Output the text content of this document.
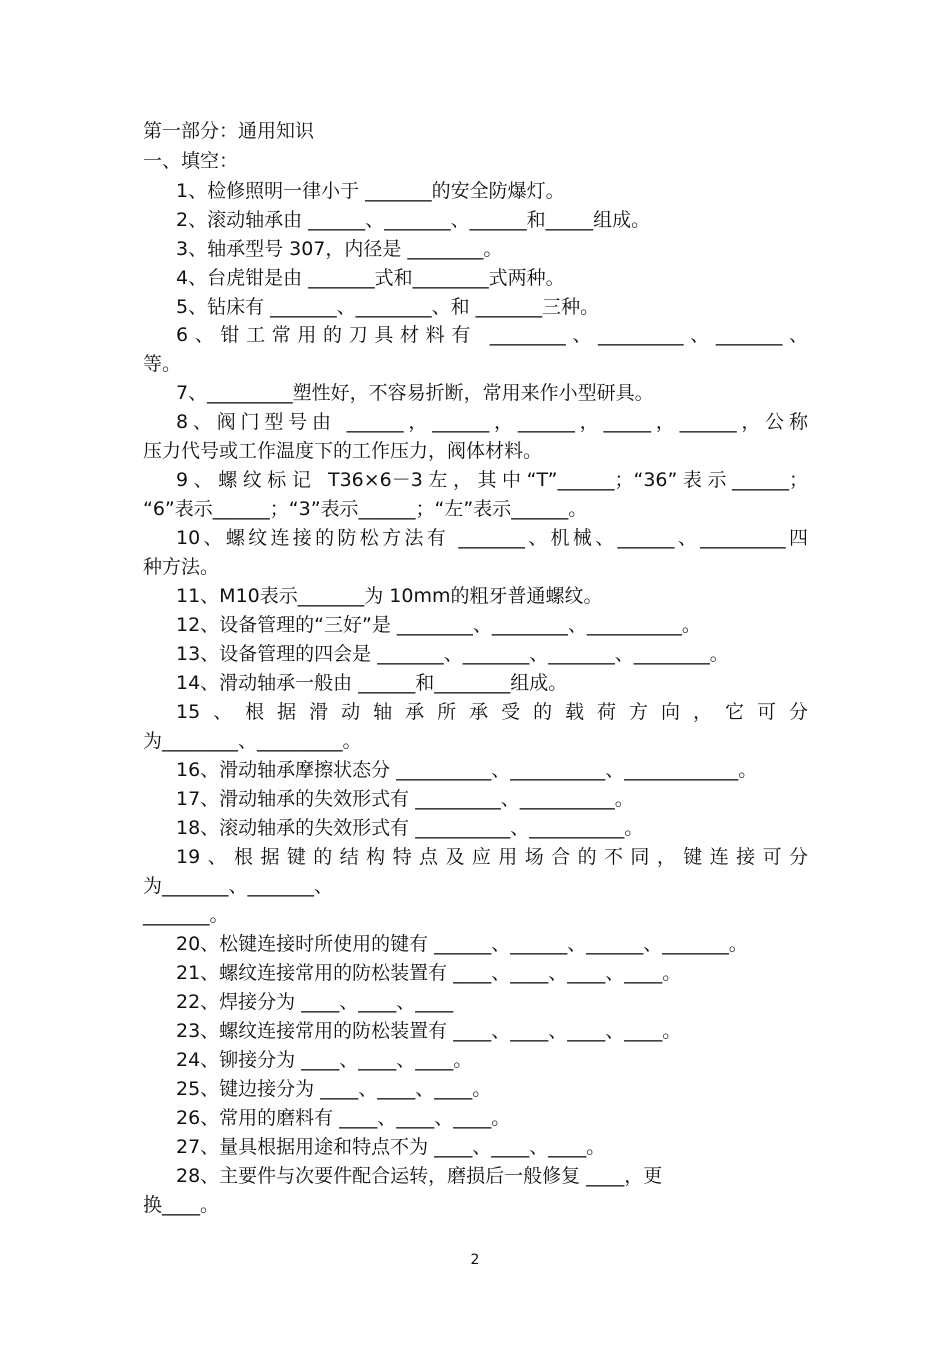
第一部分：通用知识
一、填空：
1、检修照明一律小于 _______的安全防爆灯。
2、滚动轴承由 ______、_______、______和_____组成。
3、轴承型号 307，内径是 ________。
4、台虎钳是由 _______式和________式两种。
5、钻床有 _______、________、和 _______三种。
6、钳工常用的刀具材料有 ________、_________、_______、
等。
7、_________塑性好，不容易折断，常用来作小型研具。
8、阀门型号由 ______，______，______，_____，______，公称
压力代号或工作温度下的工作压力，阀体材料。
9、螺纹标记 T36×6－3左，其中“T”______；“36”表示______；
“6”表示______；“3”表示______；“左”表示______。
10、螺纹连接的防松方法有 _______、机械、______、_________四
种方法。
11、M10表示_______为 10mm的粗牙普通螺纹。
12、设备管理的“三好”是 ________、________、__________。
13、设备管理的四会是 _______、_______、_______、________。
14、滑动轴承一般由 ______和________组成。
15、根据滑动轴承所承受的载荷方向，它可分
为________、_________。
16、滑动轴承摩擦状态分 __________、__________、____________。
17、滑动轴承的失效形式有 _________、__________。
18、滚动轴承的失效形式有 __________、__________。
19、根据键的结构特点及应用场合的不同，键连接可分
为_______、_______、
_______。
20、松键连接时所使用的键有 ______、______、______、_______。
21、螺纹连接常用的防松装置有 ____、____、____、____。
22、焊接分为 ____、____、____
23、螺纹连接常用的防松装置有 ____、____、____、____。
24、铆接分为 ____、____、____。
25、键边接分为 ____、____、____。
26、常用的磨料有 ____、____、____。
27、量具根据用途和特点不为 ____、____、____。
28、主要件与次要件配合运转，磨损后一般修复 ____，更
换____。
2
